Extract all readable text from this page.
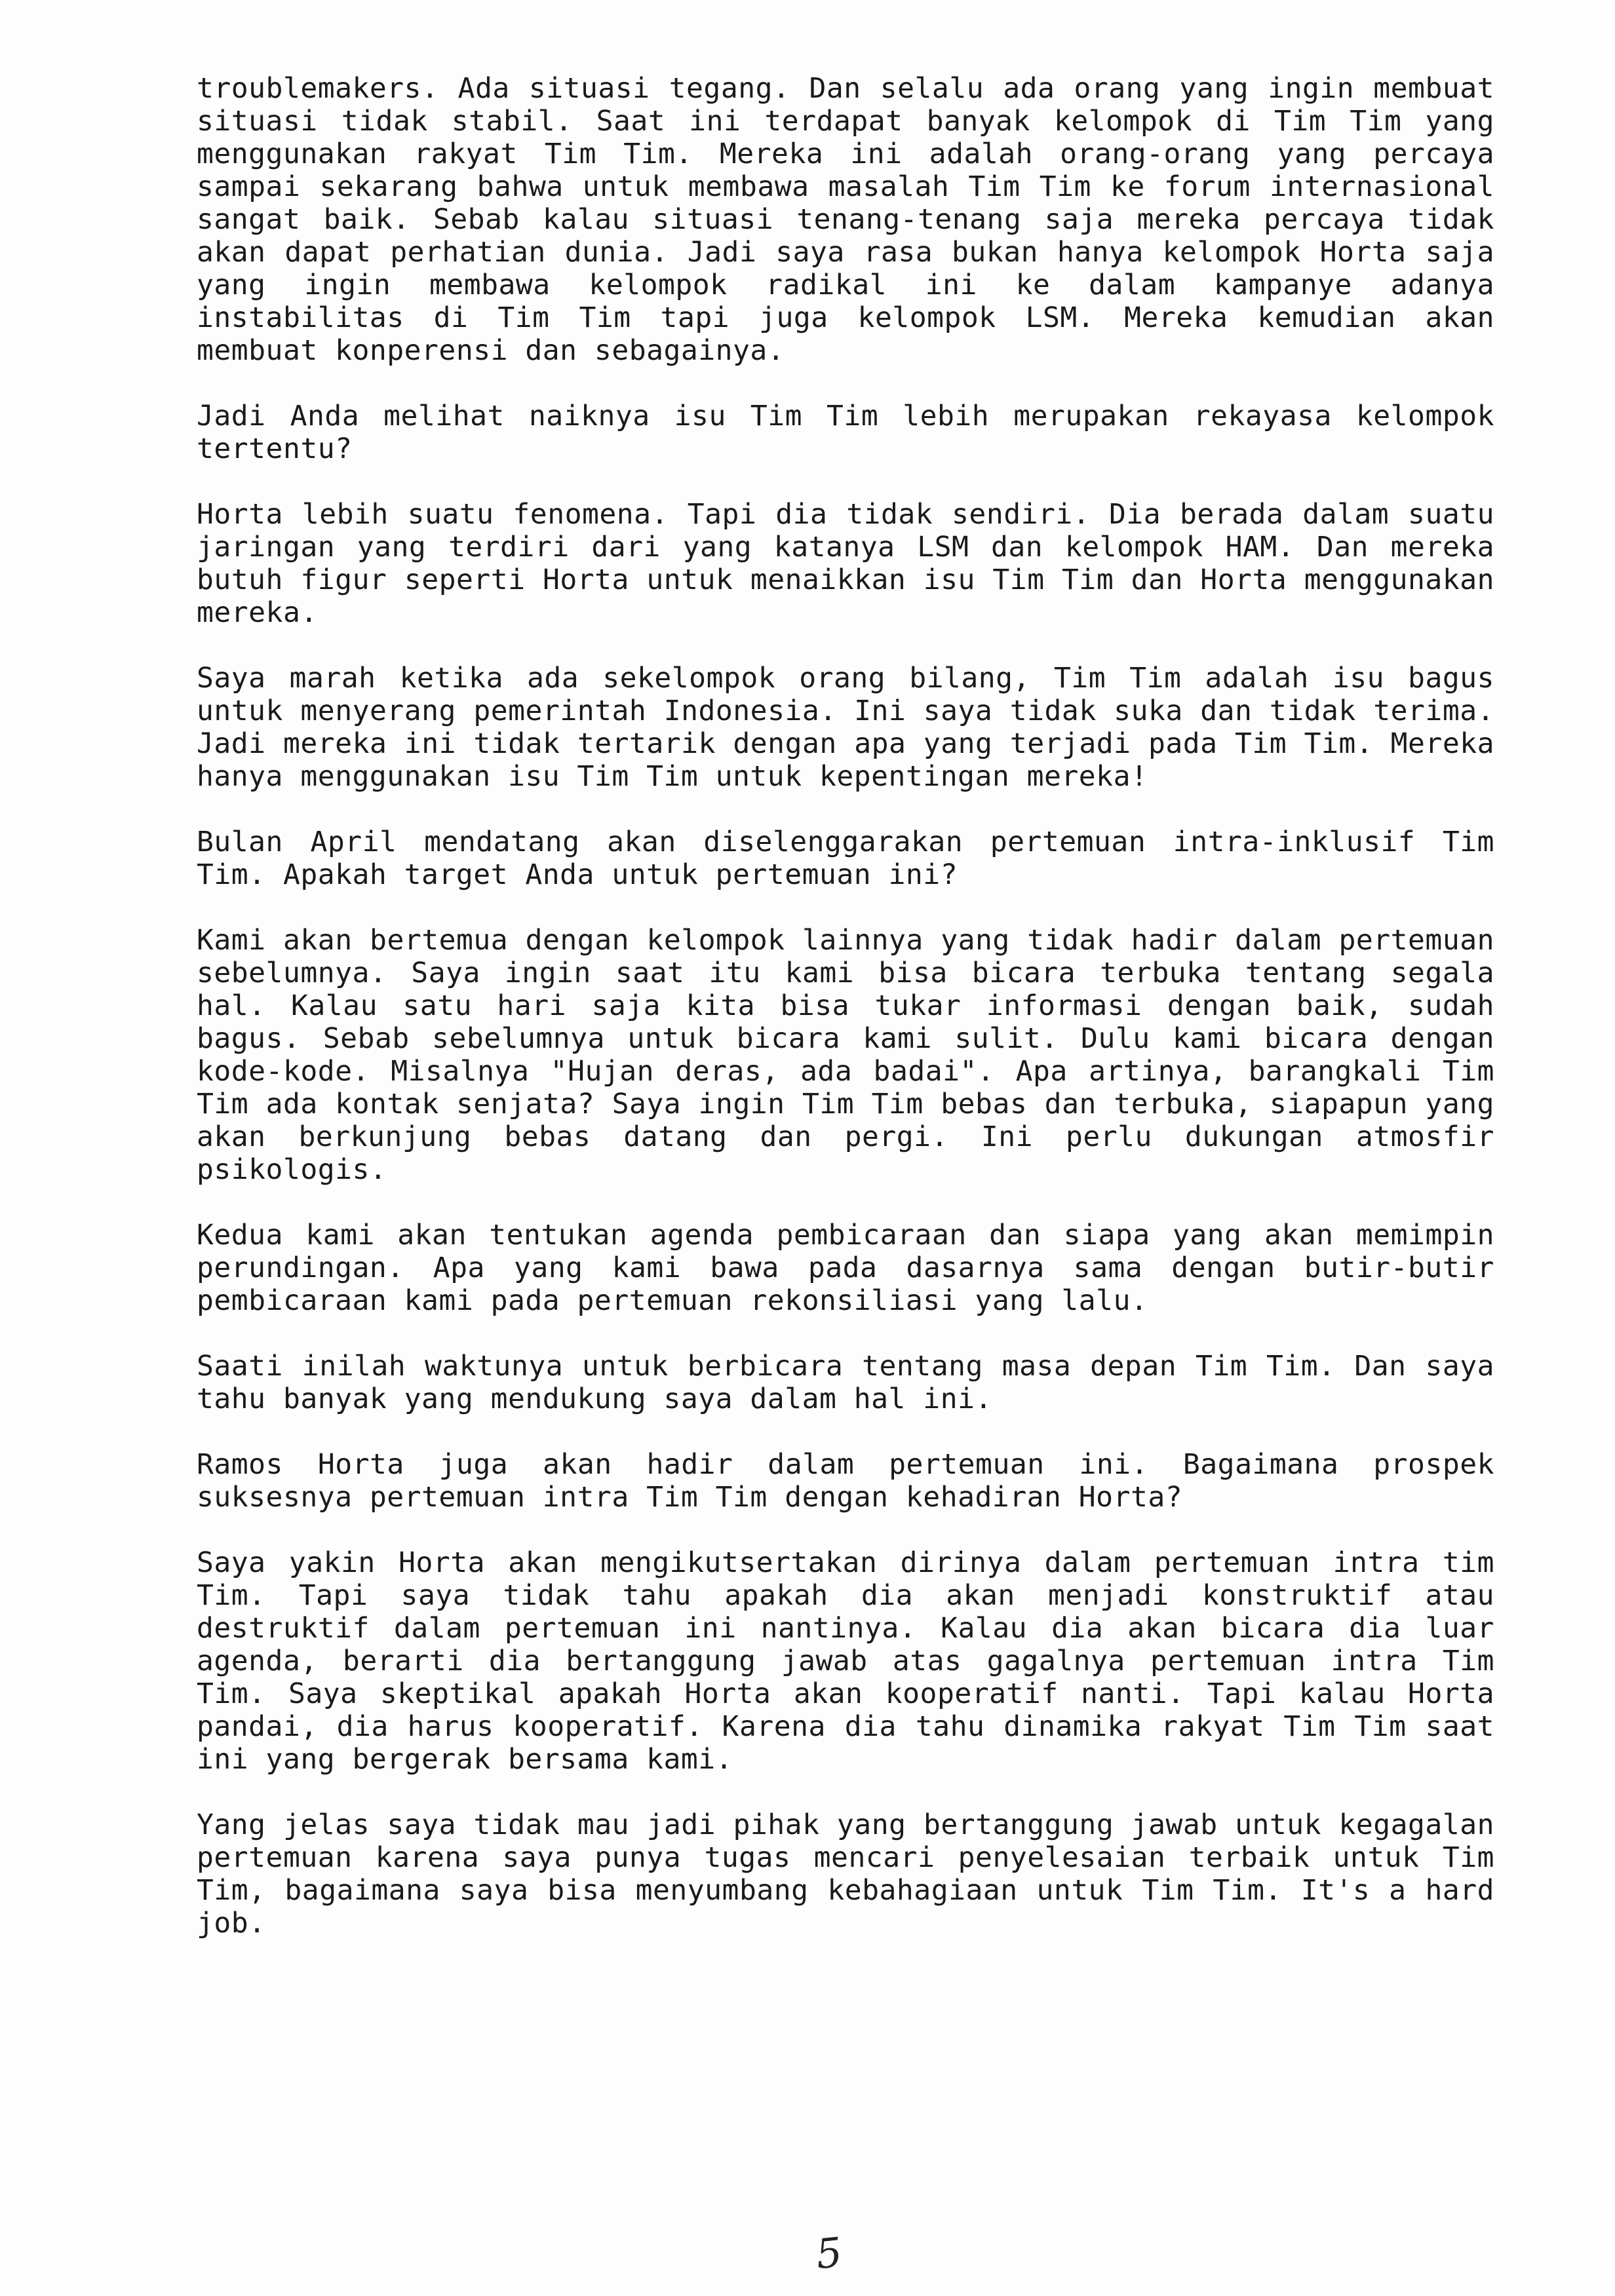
troublemakers. Ada situasi tegang. Dan selalu ada orang yang ingin membuat situasi tidak stabil. Saat ini terdapat banyak kelompok di Tim Tim yang menggunakan rakyat Tim Tim. Mereka ini adalah orang-orang yang percaya sampai sekarang bahwa untuk membawa masalah Tim Tim ke forum internasional sangat baik. Sebab kalau situasi tenang-tenang saja mereka percaya tidak akan dapat perhatian dunia. Jadi saya rasa bukan hanya kelompok Horta saja yang ingin membawa kelompok radikal ini ke dalam kampanye adanya instabilitas di Tim Tim tapi juga kelompok LSM. Mereka kemudian akan membuat konperensi dan sebagainya.

Jadi Anda melihat naiknya isu Tim Tim lebih merupakan rekayasa kelompok tertentu?

Horta lebih suatu fenomena. Tapi dia tidak sendiri. Dia berada dalam suatu jaringan yang terdiri dari yang katanya LSM dan kelompok HAM. Dan mereka butuh figur seperti Horta untuk menaikkan isu Tim Tim dan Horta menggunakan mereka.

Saya marah ketika ada sekelompok orang bilang, Tim Tim adalah isu bagus untuk menyerang pemerintah Indonesia. Ini saya tidak suka dan tidak terima. Jadi mereka ini tidak tertarik dengan apa yang terjadi pada Tim Tim. Mereka hanya menggunakan isu Tim Tim untuk kepentingan mereka!

Bulan April mendatang akan diselenggarakan pertemuan intra-inklusif Tim Tim. Apakah target Anda untuk pertemuan ini?

Kami akan bertemua dengan kelompok lainnya yang tidak hadir dalam pertemuan sebelumnya. Saya ingin saat itu kami bisa bicara terbuka tentang segala hal. Kalau satu hari saja kita bisa tukar informasi dengan baik, sudah bagus. Sebab sebelumnya untuk bicara kami sulit. Dulu kami bicara dengan kode-kode. Misalnya "Hujan deras, ada badai". Apa artinya, barangkali Tim Tim ada kontak senjata? Saya ingin Tim Tim bebas dan terbuka, siapapun yang akan berkunjung bebas datang dan pergi. Ini perlu dukungan atmosfir psikologis.

Kedua kami akan tentukan agenda pembicaraan dan siapa yang akan memimpin perundingan. Apa yang kami bawa pada dasarnya sama dengan butir-butir pembicaraan kami pada pertemuan rekonsiliasi yang lalu.

Saati inilah waktunya untuk berbicara tentang masa depan Tim Tim. Dan saya tahu banyak yang mendukung saya dalam hal ini.

Ramos Horta juga akan hadir dalam pertemuan ini. Bagaimana prospek suksesnya pertemuan intra Tim Tim dengan kehadiran Horta?

Saya yakin Horta akan mengikutsertakan dirinya dalam pertemuan intra tim Tim. Tapi saya tidak tahu apakah dia akan menjadi konstruktif atau destruktif dalam pertemuan ini nantinya. Kalau dia akan bicara dia luar agenda, berarti dia bertanggung jawab atas gagalnya pertemuan intra Tim Tim. Saya skeptikal apakah Horta akan kooperatif nanti. Tapi kalau Horta pandai, dia harus kooperatif. Karena dia tahu dinamika rakyat Tim Tim saat ini yang bergerak bersama kami.

Yang jelas saya tidak mau jadi pihak yang bertanggung jawab untuk kegagalan pertemuan karena saya punya tugas mencari penyelesaian terbaik untuk Tim Tim, bagaimana saya bisa menyumbang kebahagiaan untuk Tim Tim. It's a hard job.

5
